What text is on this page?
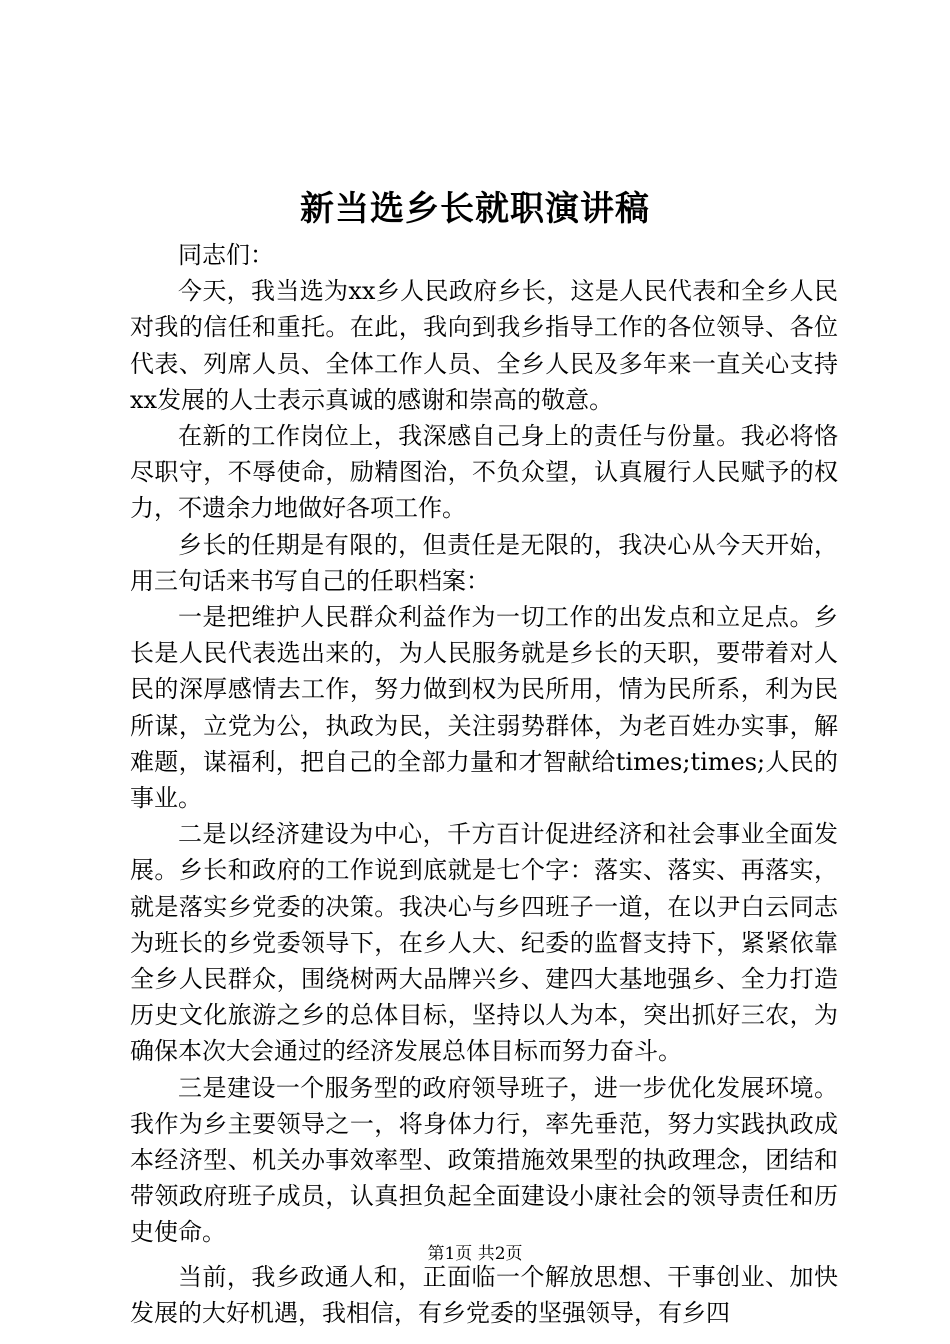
新当选乡长就职演讲稿

同志们：

今天，我当选为xx乡人民政府乡长，这是人民代表和全乡人民对我的信任和重托。在此，我向到我乡指导工作的各位领导、各位代表、列席人员、全体工作人员、全乡人民及多年来一直关心支持xx发展的人士表示真诚的感谢和崇高的敬意。

在新的工作岗位上，我深感自己身上的责任与份量。我必将恪尽职守，不辱使命，励精图治，不负众望，认真履行人民赋予的权力，不遗余力地做好各项工作。

乡长的任期是有限的，但责任是无限的，我决心从今天开始，用三句话来书写自己的任职档案：

一是把维护人民群众利益作为一切工作的出发点和立足点。乡长是人民代表选出来的，为人民服务就是乡长的天职，要带着对人民的深厚感情去工作，努力做到权为民所用，情为民所系，利为民所谋，立党为公，执政为民，关注弱势群体，为老百姓办实事，解难题，谋福利，把自己的全部力量和才智献给times;times;人民的事业。

二是以经济建设为中心，千方百计促进经济和社会事业全面发展。乡长和政府的工作说到底就是七个字：落实、落实、再落实，就是落实乡党委的决策。我决心与乡四班子一道，在以尹白云同志为班长的乡党委领导下，在乡人大、纪委的监督支持下，紧紧依靠全乡人民群众，围绕树两大品牌兴乡、建四大基地强乡、全力打造历史文化旅游之乡的总体目标，坚持以人为本，突出抓好三农，为确保本次大会通过的经济发展总体目标而努力奋斗。

三是建设一个服务型的政府领导班子，进一步优化发展环境。我作为乡主要领导之一，将身体力行，率先垂范，努力实践执政成本经济型、机关办事效率型、政策措施效果型的执政理念，团结和带领政府班子成员，认真担负起全面建设小康社会的领导责任和历史使命。

当前，我乡政通人和，正面临一个解放思想、干事创业、加快发展的大好机遇，我相信，有乡党委的坚强领导，有乡四

第1页 共2页
